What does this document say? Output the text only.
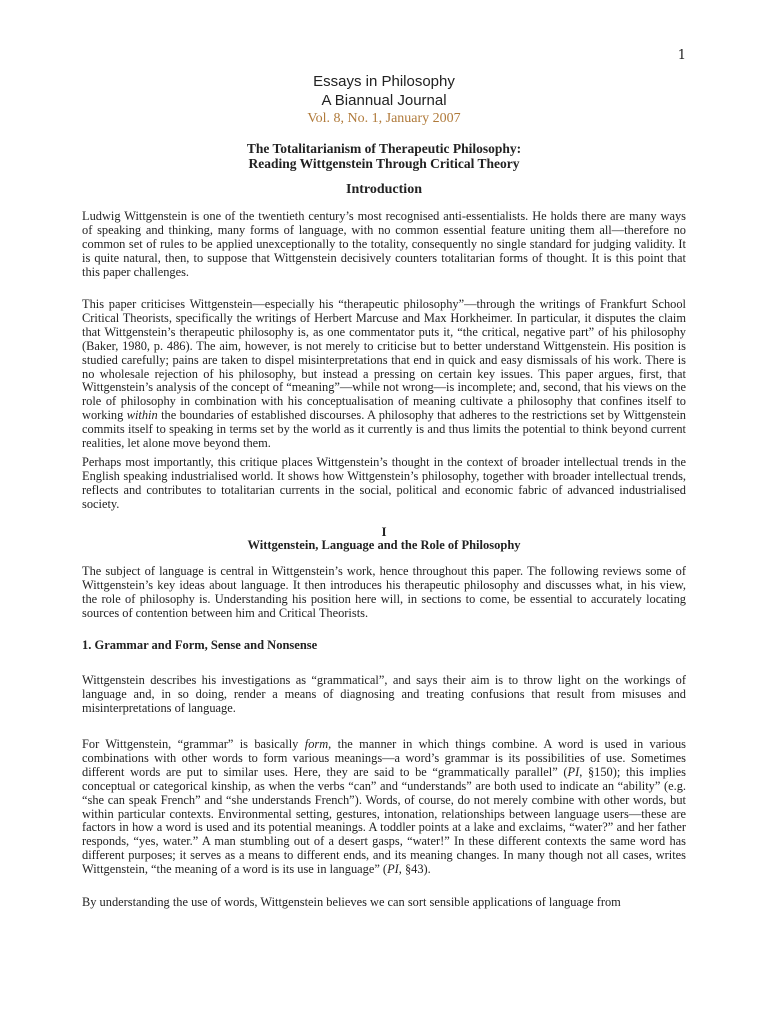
1
Essays in Philosophy
A Biannual Journal
Vol. 8, No. 1, January 2007
The Totalitarianism of Therapeutic Philosophy:
Reading Wittgenstein Through Critical Theory
Introduction

Ludwig Wittgenstein is one of the twentieth century’s most recognised anti-essentialists. He holds there are many ways of speaking and thinking, many forms of language, with no common essential feature uniting them all—therefore no common set of rules to be applied unexceptionally to the totality, consequently no single standard for judging validity. It is quite natural, then, to suppose that Wittgenstein decisively counters totalitarian forms of thought. It is this point that this paper challenges.

This paper criticises Wittgenstein—especially his “therapeutic philosophy”—through the writings of Frankfurt School Critical Theorists, specifically the writings of Herbert Marcuse and Max Horkheimer. In particular, it disputes the claim that Wittgenstein’s therapeutic philosophy is, as one commentator puts it, “the critical, negative part” of his philosophy (Baker, 1980, p. 486). The aim, however, is not merely to criticise but to better understand Wittgenstein. His position is studied carefully; pains are taken to dispel misinterpretations that end in quick and easy dismissals of his work. There is no wholesale rejection of his philosophy, but instead a pressing on certain key issues. This paper argues, first, that Wittgenstein’s analysis of the concept of “meaning”—while not wrong—is incomplete; and, second, that his views on the role of philosophy in combination with his conceptualisation of meaning cultivate a philosophy that confines itself to working within the boundaries of established discourses. A philosophy that adheres to the restrictions set by Wittgenstein commits itself to speaking in terms set by the world as it currently is and thus limits the potential to think beyond current realities, let alone move beyond them.

Perhaps most importantly, this critique places Wittgenstein’s thought in the context of broader intellectual trends in the English speaking industrialised world. It shows how Wittgenstein’s philosophy, together with broader intellectual trends, reflects and contributes to totalitarian currents in the social, political and economic fabric of advanced industrialised society.

I
Wittgenstein, Language and the Role of Philosophy

The subject of language is central in Wittgenstein’s work, hence throughout this paper. The following reviews some of Wittgenstein’s key ideas about language. It then introduces his therapeutic philosophy and discusses what, in his view, the role of philosophy is. Understanding his position here will, in sections to come, be essential to accurately locating sources of contention between him and Critical Theorists.

1. Grammar and Form, Sense and Nonsense

Wittgenstein describes his investigations as “grammatical”, and says their aim is to throw light on the workings of language and, in so doing, render a means of diagnosing and treating confusions that result from misuses and misinterpretations of language.

For Wittgenstein, “grammar” is basically form, the manner in which things combine. A word is used in various combinations with other words to form various meanings—a word’s grammar is its possibilities of use. Sometimes different words are put to similar uses. Here, they are said to be “grammatically parallel” (PI, §150); this implies conceptual or categorical kinship, as when the verbs “can” and “understands” are both used to indicate an “ability” (e.g. “she can speak French” and “she understands French”). Words, of course, do not merely combine with other words, but within particular contexts. Environmental setting, gestures, intonation, relationships between language users—these are factors in how a word is used and its potential meanings. A toddler points at a lake and exclaims, “water?” and her father responds, “yes, water.” A man stumbling out of a desert gasps, “water!” In these different contexts the same word has different purposes; it serves as a means to different ends, and its meaning changes. In many though not all cases, writes Wittgenstein, “the meaning of a word is its use in language” (PI, §43).

By understanding the use of words, Wittgenstein believes we can sort sensible applications of language from
